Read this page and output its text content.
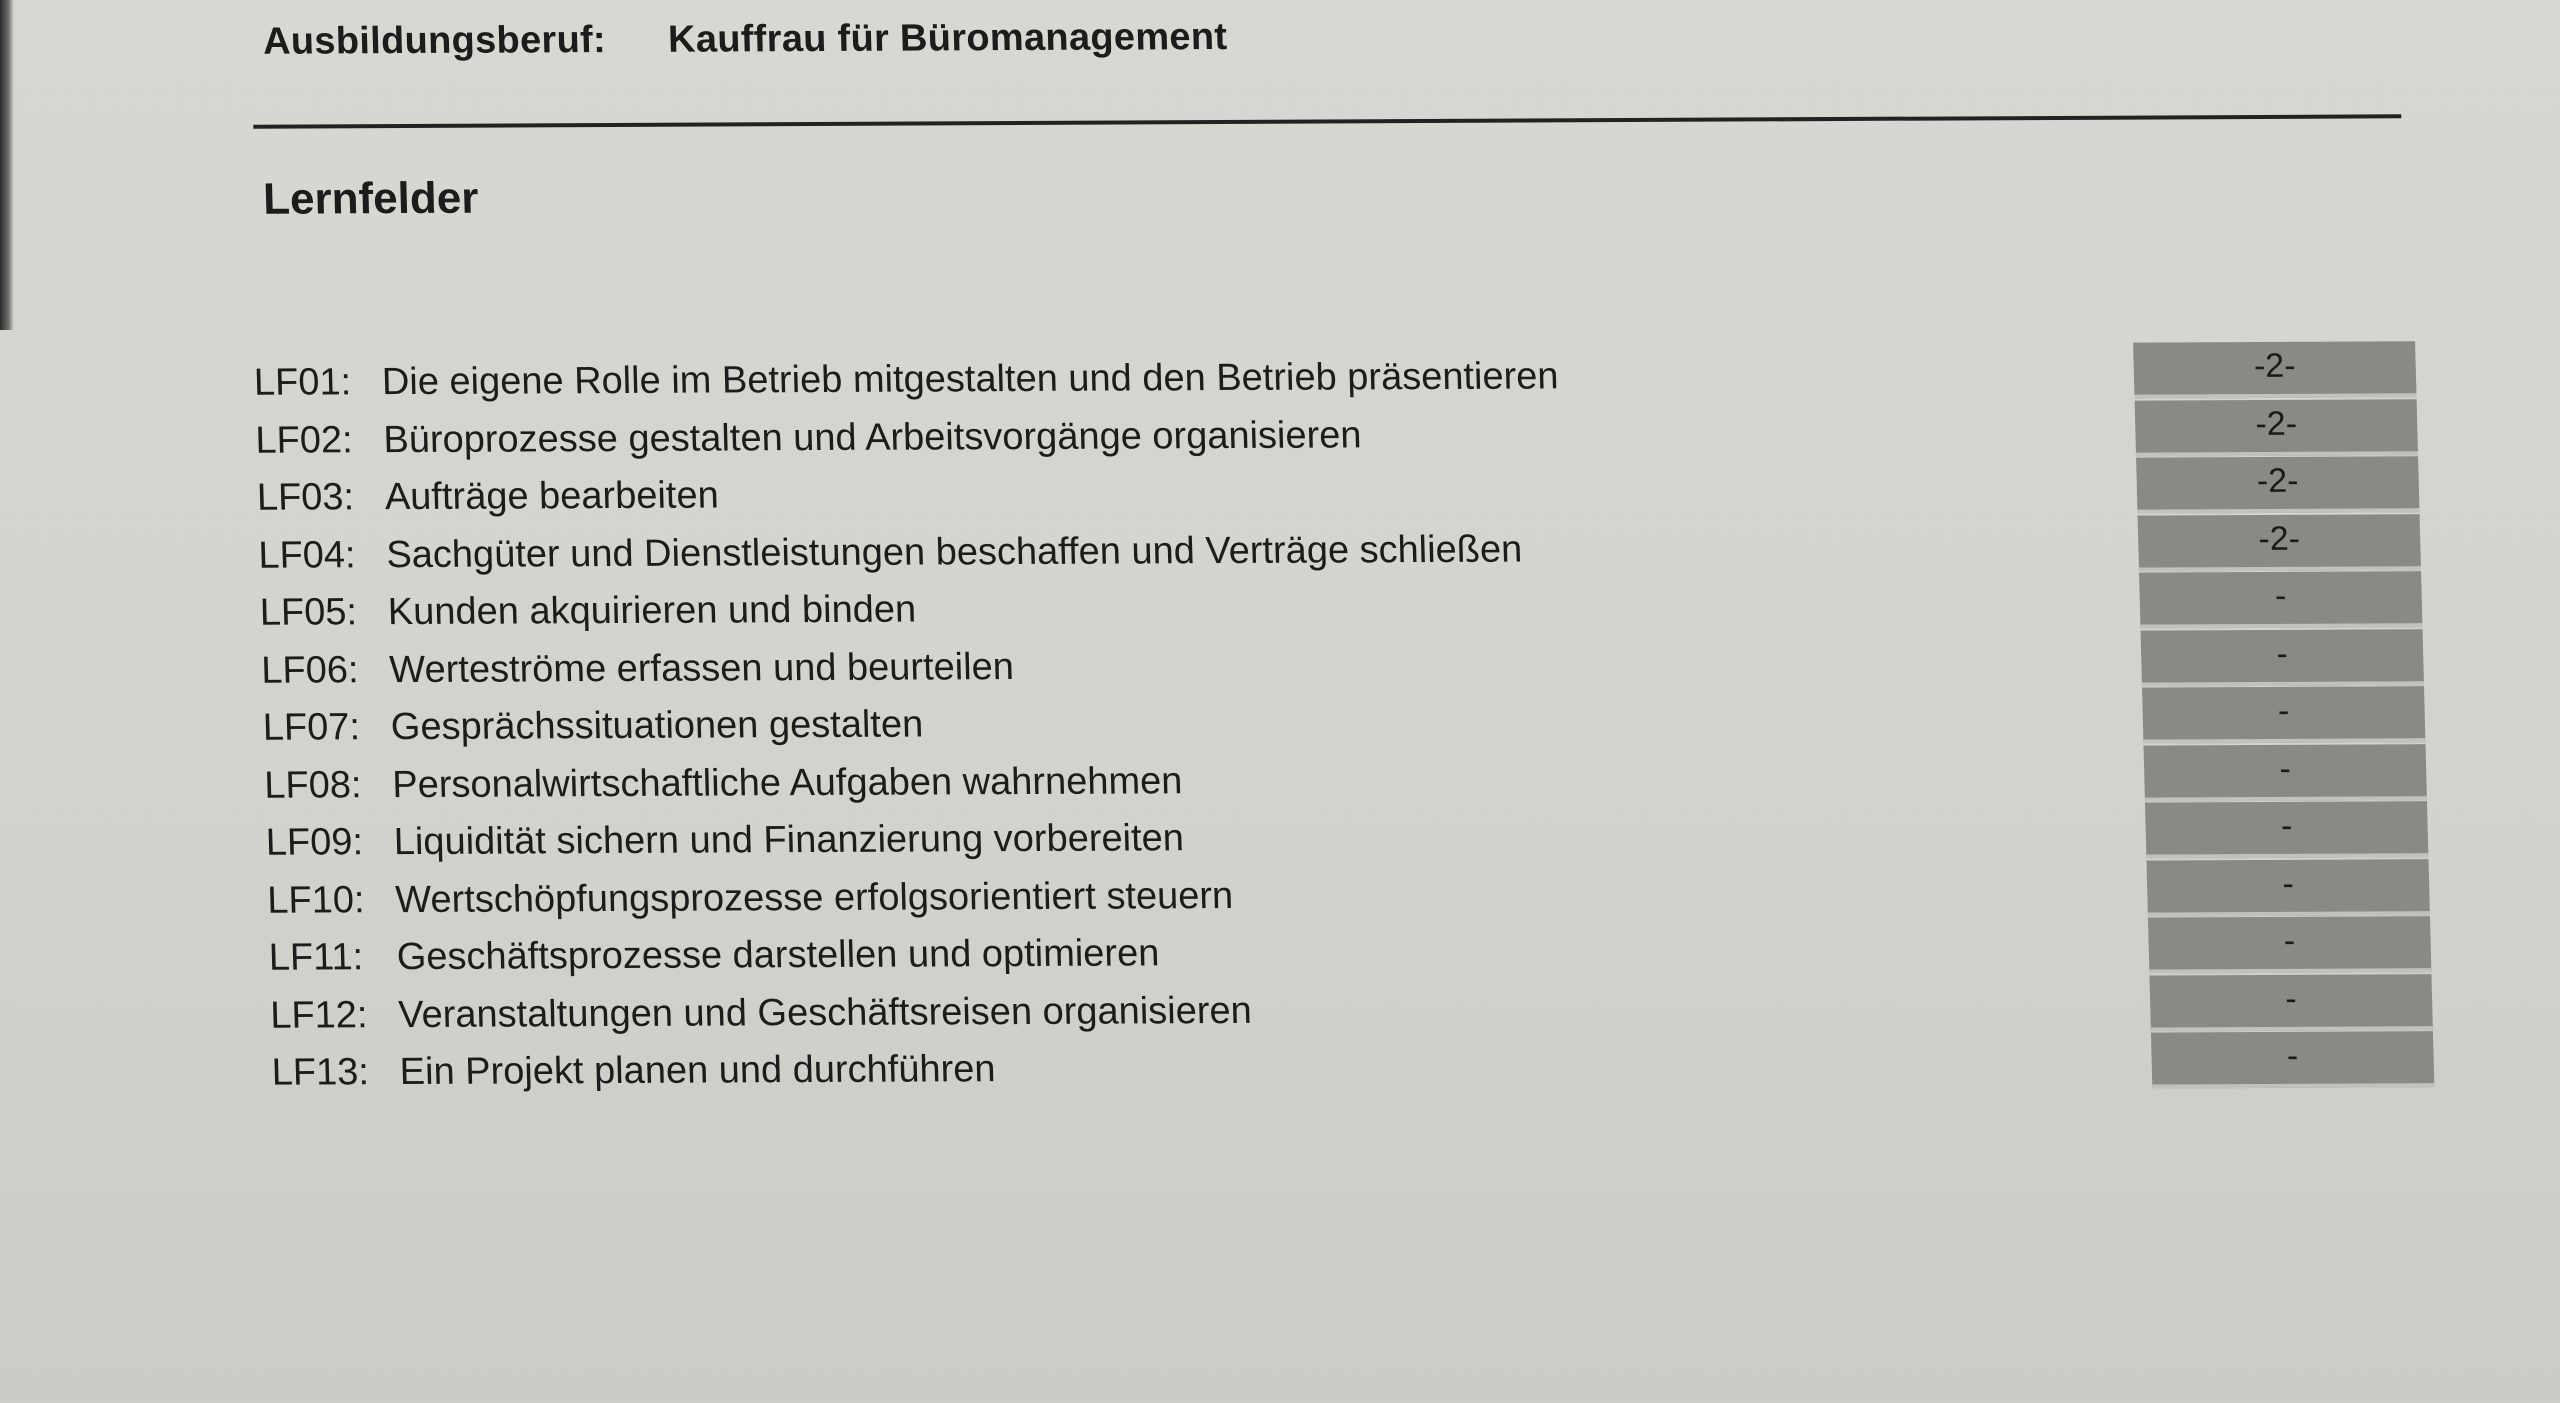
Ausbildungsberuf: Kauffrau für Büromanagement
Lernfelder
LF01: Die eigene Rolle im Betrieb mitgestalten und den Betrieb präsentieren	-2-
LF02: Büroprozesse gestalten und Arbeitsvorgänge organisieren	-2-
LF03: Aufträge bearbeiten	-2-
LF04: Sachgüter und Dienstleistungen beschaffen und Verträge schließen	-2-
LF05: Kunden akquirieren und binden	-
LF06: Werteströme erfassen und beurteilen	-
LF07: Gesprächssituationen gestalten	-
LF08: Personalwirtschaftliche Aufgaben wahrnehmen	-
LF09: Liquidität sichern und Finanzierung vorbereiten	-
LF10: Wertschöpfungsprozesse erfolgsorientiert steuern	-
LF11: Geschäftsprozesse darstellen und optimieren	-
LF12: Veranstaltungen und Geschäftsreisen organisieren	-
LF13: Ein Projekt planen und durchführen	-
